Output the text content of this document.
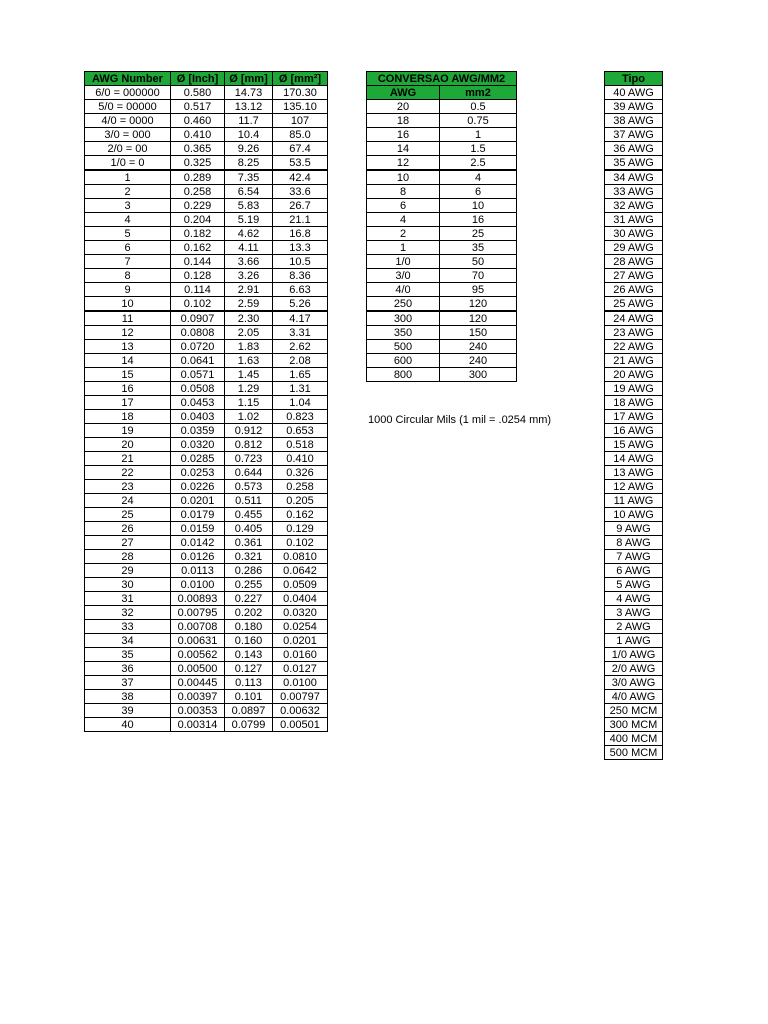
AWG Number	Ø [Inch]	Ø [mm]	Ø [mm²]
6/0 = 000000	0.580	14.73	170.30
5/0 = 00000	0.517	13.12	135.10
4/0 = 0000	0.460	11.7	107
3/0 = 000	0.410	10.4	85.0
2/0 = 00	0.365	9.26	67.4
1/0 = 0	0.325	8.25	53.5
1	0.289	7.35	42.4
2	0.258	6.54	33.6
3	0.229	5.83	26.7
4	0.204	5.19	21.1
5	0.182	4.62	16.8
6	0.162	4.11	13.3
7	0.144	3.66	10.5
8	0.128	3.26	8.36
9	0.114	2.91	6.63
10	0.102	2.59	5.26
11	0.0907	2.30	4.17
12	0.0808	2.05	3.31
13	0.0720	1.83	2.62
14	0.0641	1.63	2.08
15	0.0571	1.45	1.65
16	0.0508	1.29	1.31
17	0.0453	1.15	1.04
18	0.0403	1.02	0.823
19	0.0359	0.912	0.653
20	0.0320	0.812	0.518
21	0.0285	0.723	0.410
22	0.0253	0.644	0.326
23	0.0226	0.573	0.258
24	0.0201	0.511	0.205
25	0.0179	0.455	0.162
26	0.0159	0.405	0.129
27	0.0142	0.361	0.102
28	0.0126	0.321	0.0810
29	0.0113	0.286	0.0642
30	0.0100	0.255	0.0509
31	0.00893	0.227	0.0404
32	0.00795	0.202	0.0320
33	0.00708	0.180	0.0254
34	0.00631	0.160	0.0201
35	0.00562	0.143	0.0160
36	0.00500	0.127	0.0127
37	0.00445	0.113	0.0100
38	0.00397	0.101	0.00797
39	0.00353	0.0897	0.00632
40	0.00314	0.0799	0.00501
CONVERSAO AWG/MM2	
AWG	mm2
20	0.5
18	0.75
16	1
14	1.5
12	2.5
10	4
8	6
6	10
4	16
2	25
1	35
1/0	50
3/0	70
4/0	95
250	120
300	120
350	150
500	240
600	240
800	300
1000 Circular Mils (1 mil = .0254 mm)
Tipo
40 AWG
39 AWG
38 AWG
37 AWG
36 AWG
35 AWG
34 AWG
33 AWG
32 AWG
31 AWG
30 AWG
29 AWG
28 AWG
27 AWG
26 AWG
25 AWG
24 AWG
23 AWG
22 AWG
21 AWG
20 AWG
19 AWG
18 AWG
17 AWG
16 AWG
15 AWG
14 AWG
13 AWG
12 AWG
11 AWG
10 AWG
9 AWG
8 AWG
7 AWG
6 AWG
5 AWG
4 AWG
3 AWG
2 AWG
1 AWG
1/0 AWG
2/0 AWG
3/0 AWG
4/0 AWG
250 MCM
300 MCM
400 MCM
500 MCM
